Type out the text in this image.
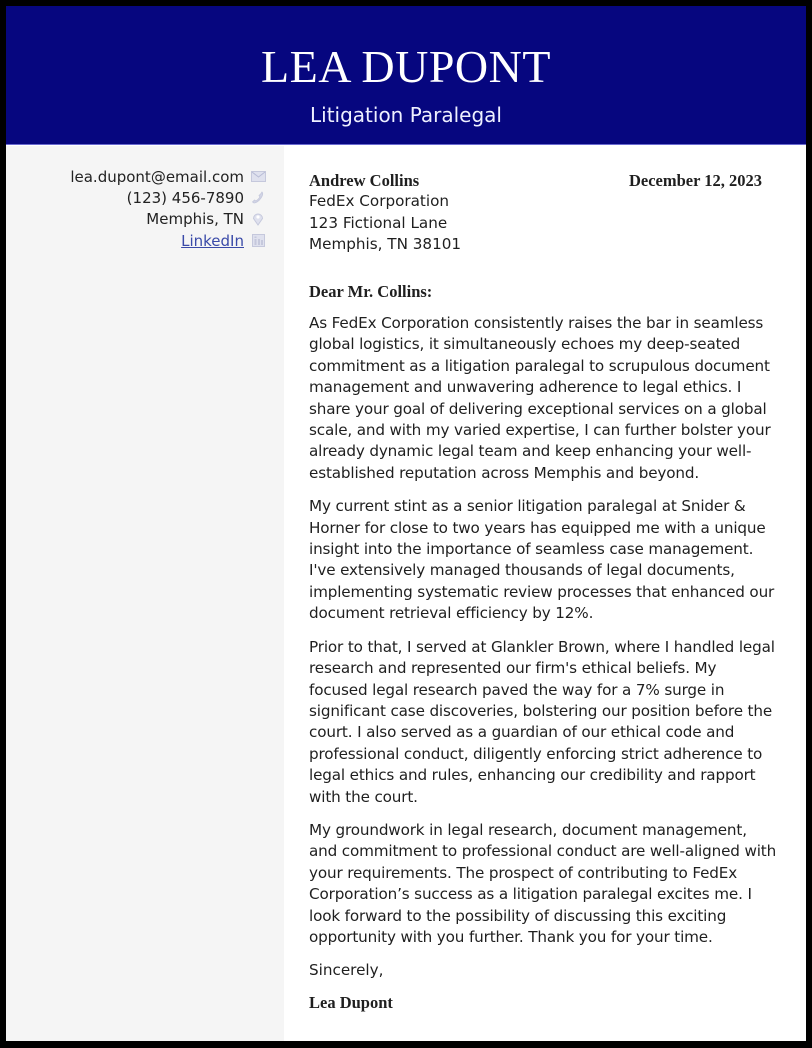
LEA DUPONT
Litigation Paralegal
lea.dupont@email.com
(123) 456-7890
Memphis, TN
LinkedIn
Andrew Collins
FedEx Corporation
123 Fictional Lane
Memphis, TN 38101
December 12, 2023
Dear Mr. Collins:

As FedEx Corporation consistently raises the bar in seamless global logistics, it simultaneously echoes my deep-seated commitment as a litigation paralegal to scrupulous document management and unwavering adherence to legal ethics. I share your goal of delivering exceptional services on a global scale, and with my varied expertise, I can further bolster your already dynamic legal team and keep enhancing your well-established reputation across Memphis and beyond.

My current stint as a senior litigation paralegal at Snider & Horner for close to two years has equipped me with a unique insight into the importance of seamless case management. I've extensively managed thousands of legal documents, implementing systematic review processes that enhanced our document retrieval efficiency by 12%.

Prior to that, I served at Glankler Brown, where I handled legal research and represented our firm's ethical beliefs. My focused legal research paved the way for a 7% surge in significant case discoveries, bolstering our position before the court. I also served as a guardian of our ethical code and professional conduct, diligently enforcing strict adherence to legal ethics and rules, enhancing our credibility and rapport with the court.

My groundwork in legal research, document management, and commitment to professional conduct are well-aligned with your requirements. The prospect of contributing to FedEx Corporation’s success as a litigation paralegal excites me. I look forward to the possibility of discussing this exciting opportunity with you further. Thank you for your time.

Sincerely,
Lea Dupont
